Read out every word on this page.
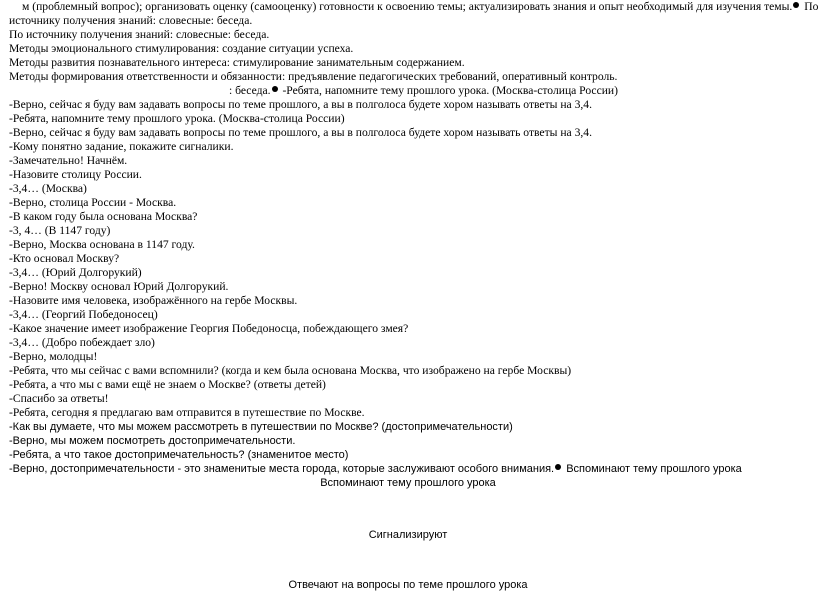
м (проблемный вопрос); организовать оценку (самооценку) готовности к освоению темы; актуализировать знания и опыт необходимый для изучения темы. По
источнику получения знаний: словесные: беседа.
По источнику получения знаний: словесные: беседа.
Методы эмоционального стимулирования: создание ситуации успеха.
Методы развития познавательного интереса: стимулирование занимательным содержанием.
Методы формирования ответственности и обязанности: предъявление педагогических требований, оперативный контроль.
: беседа. -Ребята, напомните тему прошлого урока. (Москва-столица России)
-Верно, сейчас я буду вам задавать вопросы по теме прошлого, а вы в полголоса будете хором называть ответы на 3,4.
-Ребята, напомните тему прошлого урока. (Москва-столица России)
-Верно, сейчас я буду вам задавать вопросы по теме прошлого, а вы в полголоса будете хором называть ответы на 3,4.
-Кому понятно задание, покажите сигналики.
-Замечательно! Начнём.
-Назовите столицу России.
-3,4… (Москва)
-Верно, столица России - Москва.
-В каком году была основана Москва?
-3, 4… (В 1147 году)
-Верно, Москва основана в 1147 году.
-Кто основал Москву?
-3,4… (Юрий Долгорукий)
-Верно! Москву основал Юрий Долгорукий.
-Назовите имя человека, изображённого на гербе Москвы.
-3,4… (Георгий Победоносец)
-Какое значение имеет изображение Георгия Победоносца, побеждающего змея?
-3,4… (Добро побеждает зло)
-Верно, молодцы!
-Ребята, что мы сейчас с вами вспомнили? (когда и кем была основана Москва, что изображено на гербе Москвы)
-Ребята, а что мы с вами ещё не знаем о Москве? (ответы детей)
-Спасибо за ответы!
-Ребята, сегодня я предлагаю вам отправится в путешествие по Москве.
-Как вы думаете, что мы можем рассмотреть в путешествии по Москве? (достопримечательности)
-Верно, мы можем посмотреть достопримечательности.
-Ребята, а что такое достопримечательность? (знаменитое место)
-Верно, достопримечательности - это знаменитые места города, которые заслуживают особого внимания. Вспоминают тему прошлого урока
Вспоминают тему прошлого урока
Сигнализируют
Отвечают на вопросы по теме прошлого урока
